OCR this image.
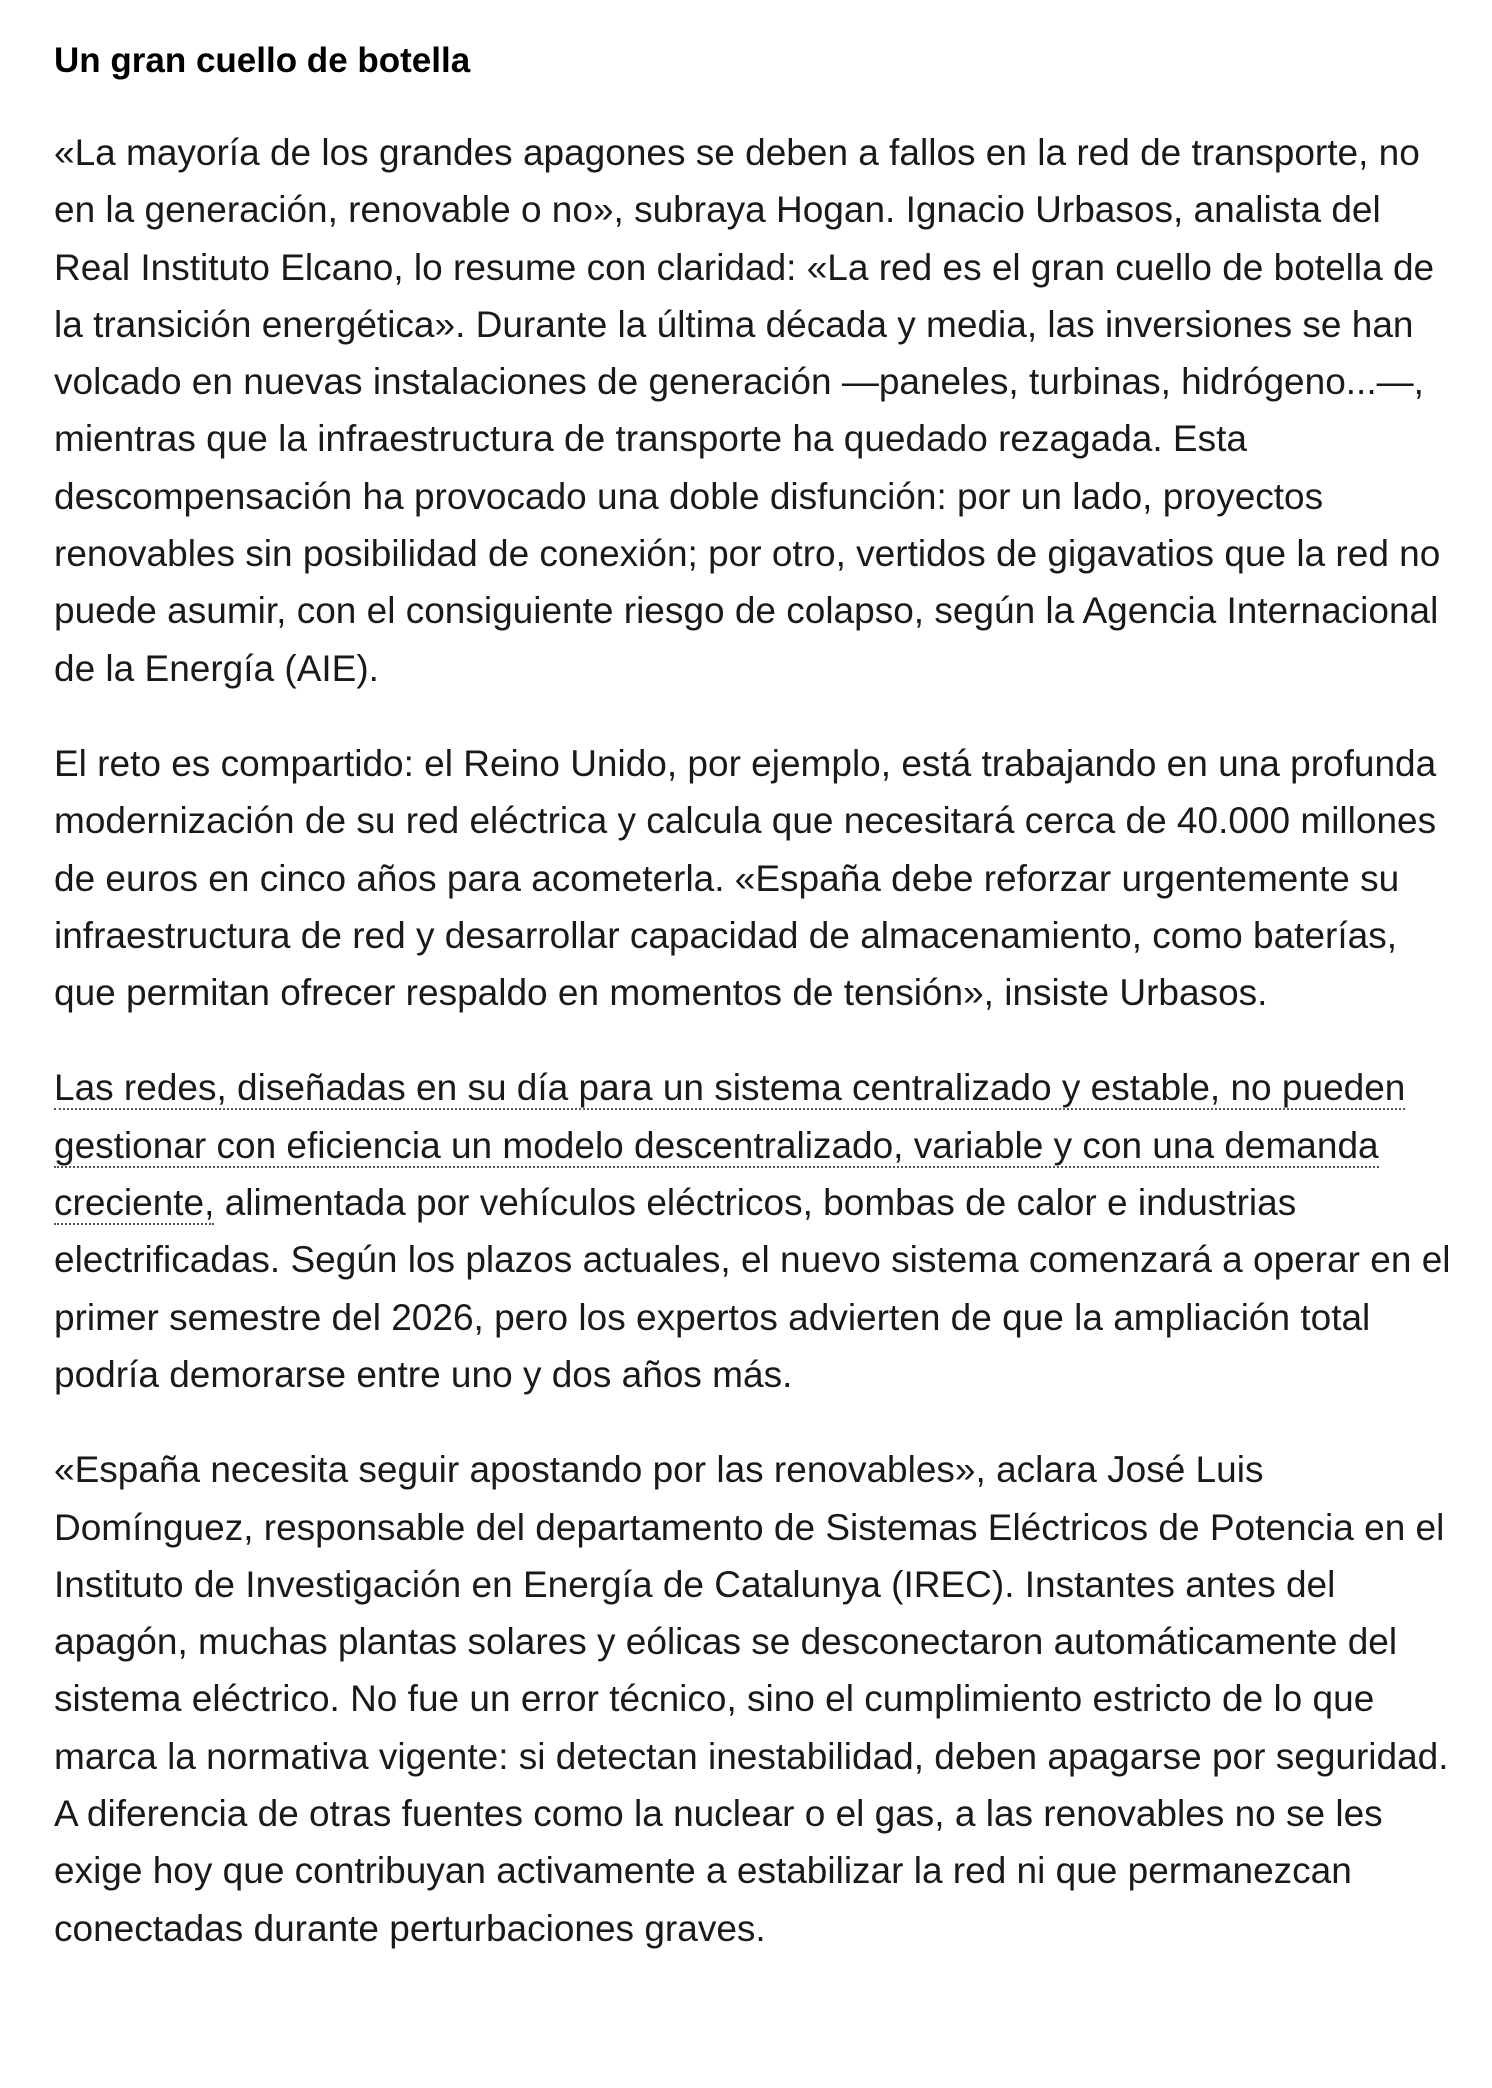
Un gran cuello de botella

«La mayoría de los grandes apagones se deben a fallos en la red de transporte, no en la generación, renovable o no», subraya Hogan. Ignacio Urbasos, analista del Real Instituto Elcano, lo resume con claridad: «La red es el gran cuello de botella de la transición energética». Durante la última década y media, las inversiones se han volcado en nuevas instalaciones de generación —paneles, turbinas, hidrógeno...—, mientras que la infraestructura de transporte ha quedado rezagada. Esta descompensación ha provocado una doble disfunción: por un lado, proyectos renovables sin posibilidad de conexión; por otro, vertidos de gigavatios que la red no puede asumir, con el consiguiente riesgo de colapso, según la Agencia Internacional de la Energía (AIE).

El reto es compartido: el Reino Unido, por ejemplo, está trabajando en una profunda modernización de su red eléctrica y calcula que necesitará cerca de 40.000 millones de euros en cinco años para acometerla. «España debe reforzar urgentemente su infraestructura de red y desarrollar capacidad de almacenamiento, como baterías, que permitan ofrecer respaldo en momentos de tensión», insiste Urbasos.

Las redes, diseñadas en su día para un sistema centralizado y estable, no pueden gestionar con eficiencia un modelo descentralizado, variable y con una demanda creciente, alimentada por vehículos eléctricos, bombas de calor e industrias electrificadas. Según los plazos actuales, el nuevo sistema comenzará a operar en el primer semestre del 2026, pero los expertos advierten de que la ampliación total podría demorarse entre uno y dos años más.

«España necesita seguir apostando por las renovables», aclara José Luis Domínguez, responsable del departamento de Sistemas Eléctricos de Potencia en el Instituto de Investigación en Energía de Catalunya (IREC). Instantes antes del apagón, muchas plantas solares y eólicas se desconectaron automáticamente del sistema eléctrico. No fue un error técnico, sino el cumplimiento estricto de lo que marca la normativa vigente: si detectan inestabilidad, deben apagarse por seguridad. A diferencia de otras fuentes como la nuclear o el gas, a las renovables no se les exige hoy que contribuyan activamente a estabilizar la red ni que permanezcan conectadas durante perturbaciones graves.
